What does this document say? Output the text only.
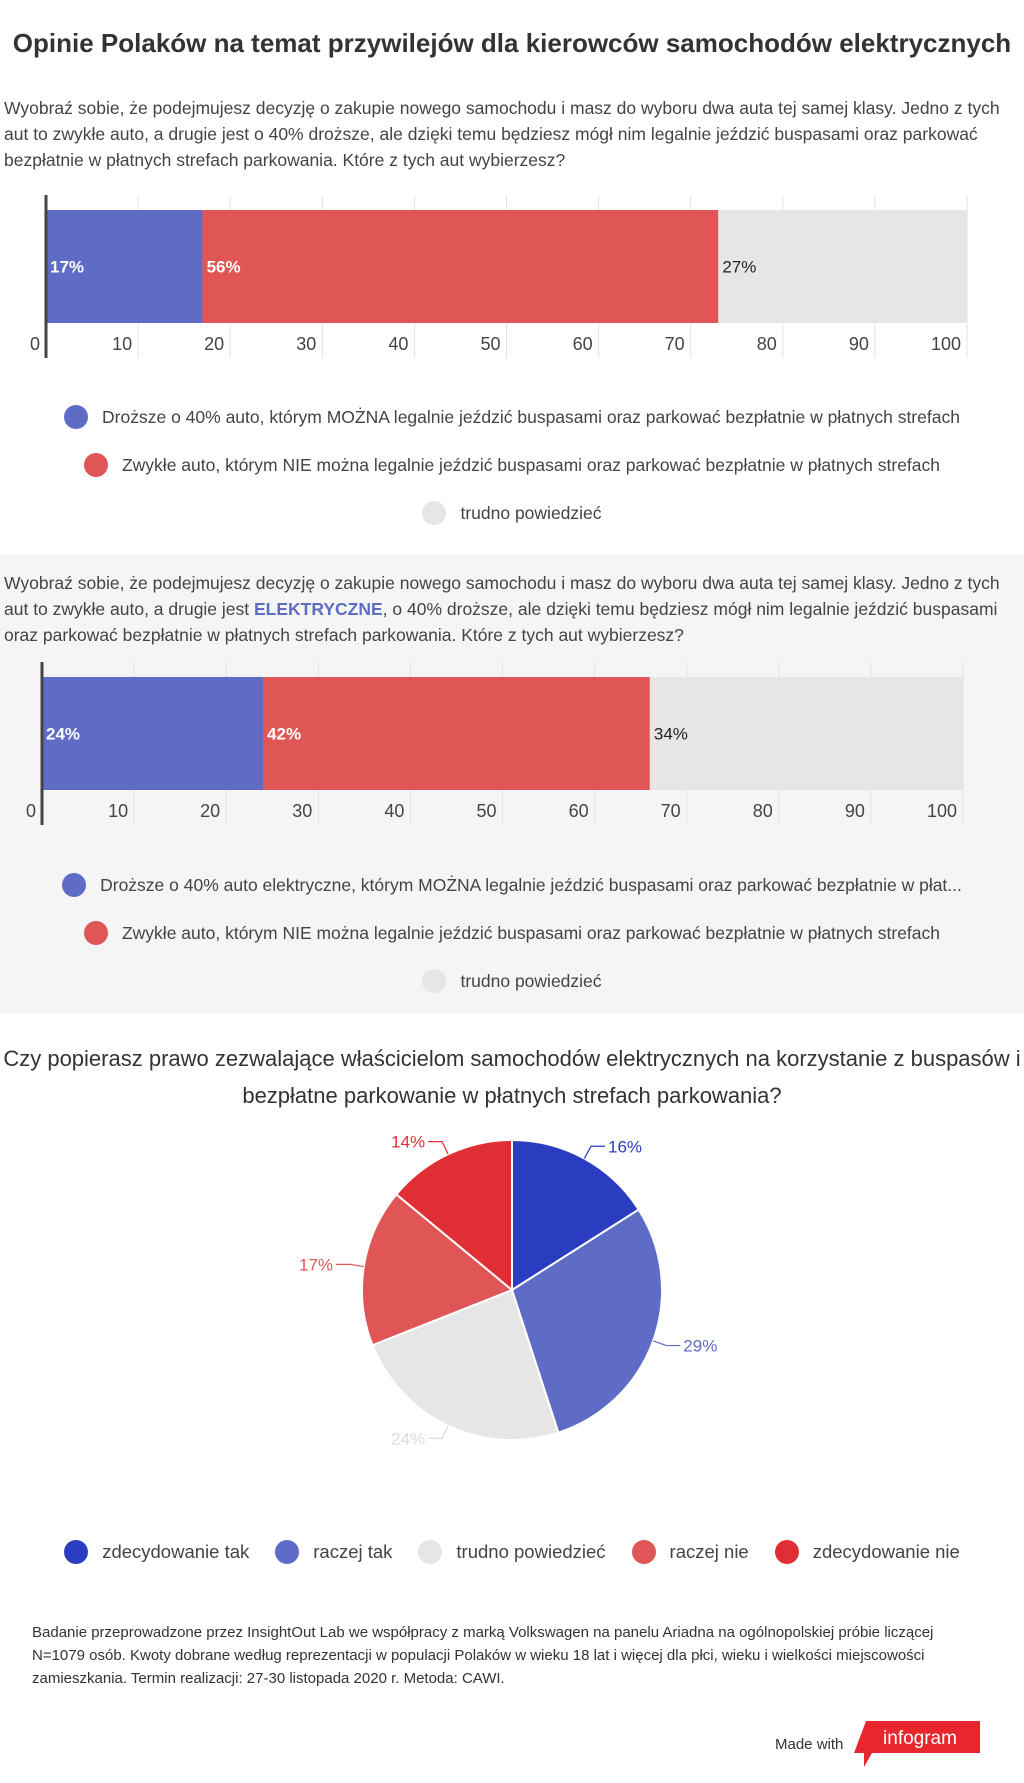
Opinie Polaków na temat przywilejów dla kierowców samochodów elektrycznych

Wyobraź sobie, że podejmujesz decyzję o zakupie nowego samochodu i masz do wyboru dwa auta tej samej klasy. Jedno z tych aut to zwykłe auto, a drugie jest o 40% droższe, ale dzięki temu będziesz mógł nim legalnie jeździć buspasami oraz parkować bezpłatnie w płatnych strefach parkowania. Które z tych aut wybierzesz?

0	10	20	30	40	50	60	70	80	90	100
17%	56%	27%
Droższe o 40% auto, którym MOŻNA legalnie jeździć buspasami oraz parkować bezpłatnie w płatnych strefach
Zwykłe auto, którym NIE można legalnie jeździć buspasami oraz parkować bezpłatnie w płatnych strefach
trudno powiedzieć

Wyobraź sobie, że podejmujesz decyzję o zakupie nowego samochodu i masz do wyboru dwa auta tej samej klasy. Jedno z tych aut to zwykłe auto, a drugie jest ELEKTRYCZNE, o 40% droższe, ale dzięki temu będziesz mógł nim legalnie jeździć buspasami oraz parkować bezpłatnie w płatnych strefach parkowania. Które z tych aut wybierzesz?

0	10	20	30	40	50	60	70	80	90	100
24%	42%	34%
Droższe o 40% auto elektryczne, którym MOŻNA legalnie jeździć buspasami oraz parkować bezpłatnie w płat...
Zwykłe auto, którym NIE można legalnie jeździć buspasami oraz parkować bezpłatnie w płatnych strefach
trudno powiedzieć

Czy popierasz prawo zezwalające właścicielom samochodów elektrycznych na korzystanie z buspasów i bezpłatne parkowanie w płatnych strefach parkowania?

16%
29%
24%
17%
14%
zdecydowanie tak	raczej tak	trudno powiedzieć	raczej nie	zdecydowanie nie

Badanie przeprowadzone przez InsightOut Lab we współpracy z marką Volkswagen na panelu Ariadna na ogólnopolskiej próbie liczącej N=1079 osób. Kwoty dobrane według reprezentacji w populacji Polaków w wieku 18 lat i więcej dla płci, wieku i wielkości miejscowości zamieszkania. Termin realizacji: 27-30 listopada 2020 r. Metoda: CAWI.

Made with infogram
